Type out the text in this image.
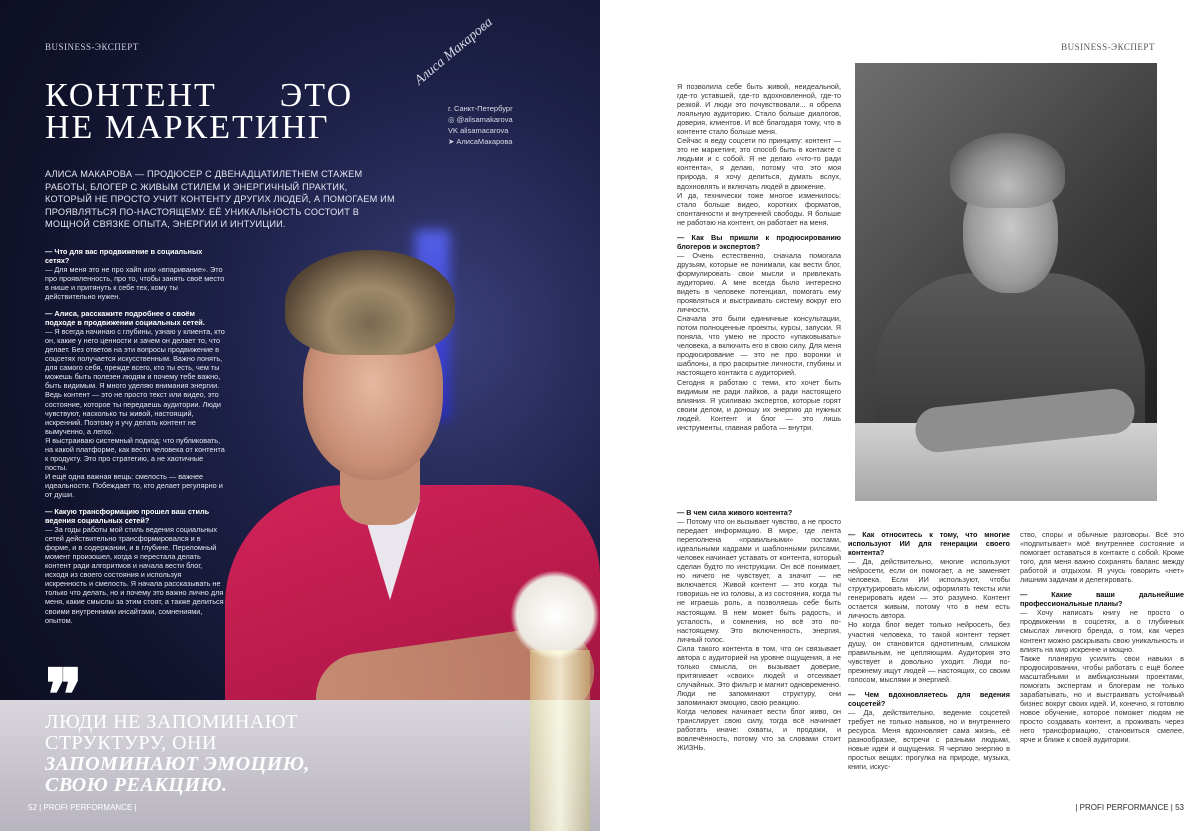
BUSINESS-ЭКСПЕРТ
КОНТЕНТ      ЭТО
НЕ МАРКЕТИНГ
Алиса Макарова
г. Санкт-Петербург
◎ @alisamakarova
VK alisamacarova
➤ АлисаМакарова
АЛИСА МАКАРОВА — ПРОДЮСЕР С ДВЕНАДЦАТИЛЕТНЕМ СТАЖЕМ РАБОТЫ, БЛОГЕР С ЖИВЫМ СТИЛЕМ И ЭНЕРГИЧНЫЙ ПРАКТИК, КОТОРЫЙ НЕ ПРОСТО УЧИТ КОНТЕНТУ ДРУГИХ ЛЮДЕЙ, А ПОМОГАЕМ ИМ ПРОЯВЛЯТЬСЯ ПО-НАСТОЯЩЕМУ. ЕЁ УНИКАЛЬНОСТЬ СОСТОИТ В МОЩНОЙ СВЯЗКЕ ОПЫТА, ЭНЕРГИИ И ИНТУИЦИИ.

— Что для вас продвижение в социальных сетях?

— Для меня это не про хайп или «впаривание». Это про проявленность, про то, чтобы занять своё место в нише и притянуть к себе тех, кому ты действительно нужен.

— Алиса, расскажите подробнее о своём подходе в продвижении социальных сетей.

— Я всегда начинаю с глубины, узнаю у клиента, кто он, какие у него ценности и зачем он делает то, что делает. Без ответов на эти вопросы продвижение в соцсетях получается искусственным. Важно понять, для самого себя, прежде всего, кто ты есть, чем ты можешь быть полезен людям и почему тебе важно, быть видимым. Я много уделяю внимания энергии. Ведь контент — это не просто текст или видео, это состояние, которое ты передаешь аудитории. Люди чувствуют, насколько ты живой, настоящий, искренний. Поэтому я учу делать контент не вымученно, а легко.

Я выстраиваю системный подход: что публиковать, на какой платформе, как вести человека от контента к продукту. Это про стратегию, а не хаотичные посты.

И ещё одна важная вещь: смелость — важнее идеальности. Побеждает то, кто делает регулярно и от души.

— Какую трансформацию прошел ваш стиль ведения социальных сетей?

— За годы работы мой стиль ведения социальных сетей действительно трансформировался и в форме, и в содержании, и в глубине. Переломный момент произошел, когда я перестала делать контент ради алгоритмов и начала вести блог, исходя из своего состояния и используя искренность и смелость. Я начала рассказывать не только что делать, но и почему это важно лично для меня, какие смыслы за этим стоят, а также делиться своими внутренними инсайтами, сомнениями, опытом.

❞
ЛЮДИ НЕ ЗАПОМИНАЮТ СТРУКТУРУ, ОНИ ЗАПОМИНАЮТ ЭМОЦИЮ, СВОЮ РЕАКЦИЮ.
52 | PROFI PERFORMANCE |
BUSINESS-ЭКСПЕРТ

Я позволила себе быть живой, неидеальной, где-то уставшей, где-то вдохновленной, где-то резкой. И люди это почувствовали... я обрела лояльную аудиторию. Стало больше диалогов, доверия, клиентов. И всё благодаря тому, что в контенте стало больше меня.

Сейчас я веду соцсети по принципу: контент — это не маркетинг, это способ быть в контакте с людьми и с собой. Я не делаю «что-то ради контента», я делаю, потому что это моя природа, я хочу делиться, думать вслух, вдохновлять и включать людей в движение.

И да, технически тоже многое изменилось: стало больше видео, коротких форматов, спонтанности и внутренней свободы. Я больше не работаю на контент, он работает на меня.

— Как Вы пришли к продюсированию блогеров и экспертов?

— Очень естественно, сначала помогала друзьям, которые не понимали, как вести блог, формулировать свои мысли и привлекать аудиторию. А мне всегда было интересно видеть в человеке потенциал, помогать ему проявляться и выстраивать систему вокруг его личности.

Сначала это были единичные консультации, потом полноценные проекты, курсы, запуски. Я поняла, что умею не просто «упаковывать» человека, а включить его в свою силу. Для меня продюсирование — это не про воронки и шаблоны, а про раскрытие личности, глубины и настоящего контакта с аудиторией.

Сегодня я работаю с теми, кто хочет быть видимым не ради лайков, а ради настоящего влияния. Я усиливаю экспертов, которые горят своим делом, и доношу их энергию до нужных людей. Контент и блог — это лишь инструменты, главная работа — внутри.

— В чем сила живого контента?

— Потому что он вызывает чувство, а не просто передает информацию. В мире, где лента переполнена «правильными» постами, идеальными кадрами и шаблонными рилсами, человек начинает уставать от контента, который сделан будто по инструкции. Он всё понимает, но ничего не чувствует, а значит — не включается. Живой контент — это когда ты говоришь не из головы, а из состояния, когда ты не играешь роль, а позволяешь себе быть настоящим. В нем может быть радость, и усталость, и сомнения, но всё это по-настоящему. Это включенность, энергия, личный голос.

Сила такого контента в том, что он связывает автора с аудиторией на уровне ощущения, а не только смысла, он вызывает доверие, притягивает «своих» людей и отсеивает случайных. Это фильтр и магнит одновременно. Люди не запоминают структуру, они запоминают эмоцию, свою реакцию.

Когда человек начинает вести блог живо, он транслирует свою силу, тогда всё начинает работать иначе: охваты, и продажи, и вовлечённость, потому что за словами стоит ЖИЗНЬ.

— Как относитесь к тому, что многие используют ИИ для генерации своего контента?

— Да, действительно, многие используют нейросети, если он помогает, а не заменяет человека. Если ИИ используют, чтобы структурировать мысли, оформлять тексты или генерировать идеи — это разумно. Контент остается живым, потому что в нем есть личность автора.

Но когда блог ведет только нейросеть, без участия человека, то такой контент теряет душу, он становится однотипным, слишком правильным, не цепляющим. Аудитория это чувствует и довольно уходит. Люди по-прежнему ищут людей — настоящих, со своим голосом, мыслями и энергией.

— Чем вдохновляетесь для ведения соцсетей?

— Да, действительно, ведение соцсетей требует не только навыков, но и внутреннего ресурса. Меня вдохновляет сама жизнь, её разнообразие, встречи с разными людьми, новые идеи и ощущения. Я черпаю энергию в простых вещах: прогулка на природе, музыка, книги, искус-

ство, споры и обычные разговоры. Всё это «подпитывает» моё внутреннее состояние и помогает оставаться в контакте с собой. Кроме того, для меня важно сохранять баланс между работой и отдыхом. Я учусь говорить «нет» лишним задачам и делегировать.

— Какие ваши дальнейшие профессиональные планы?

— Хочу написать книгу не просто о продвижении в соцсетях, а о глубинных смыслах личного бренда, о том, как через контент можно раскрывать свою уникальность и влиять на мир искренне и мощно.

Также планирую усилить свои навыки в продюсировании, чтобы работать с ещё более масштабными и амбициозными проектами, помогать экспертам и блогерам не только зарабатывать, но и выстраивать устойчивый бизнес вокруг своих идей. И, конечно, я готовлю новое обучение, которое поможет людям не просто создавать контент, а проживать через него трансформацию, становиться смелее, ярче и ближе к своей аудитории.

| PROFI PERFORMANCE | 53
